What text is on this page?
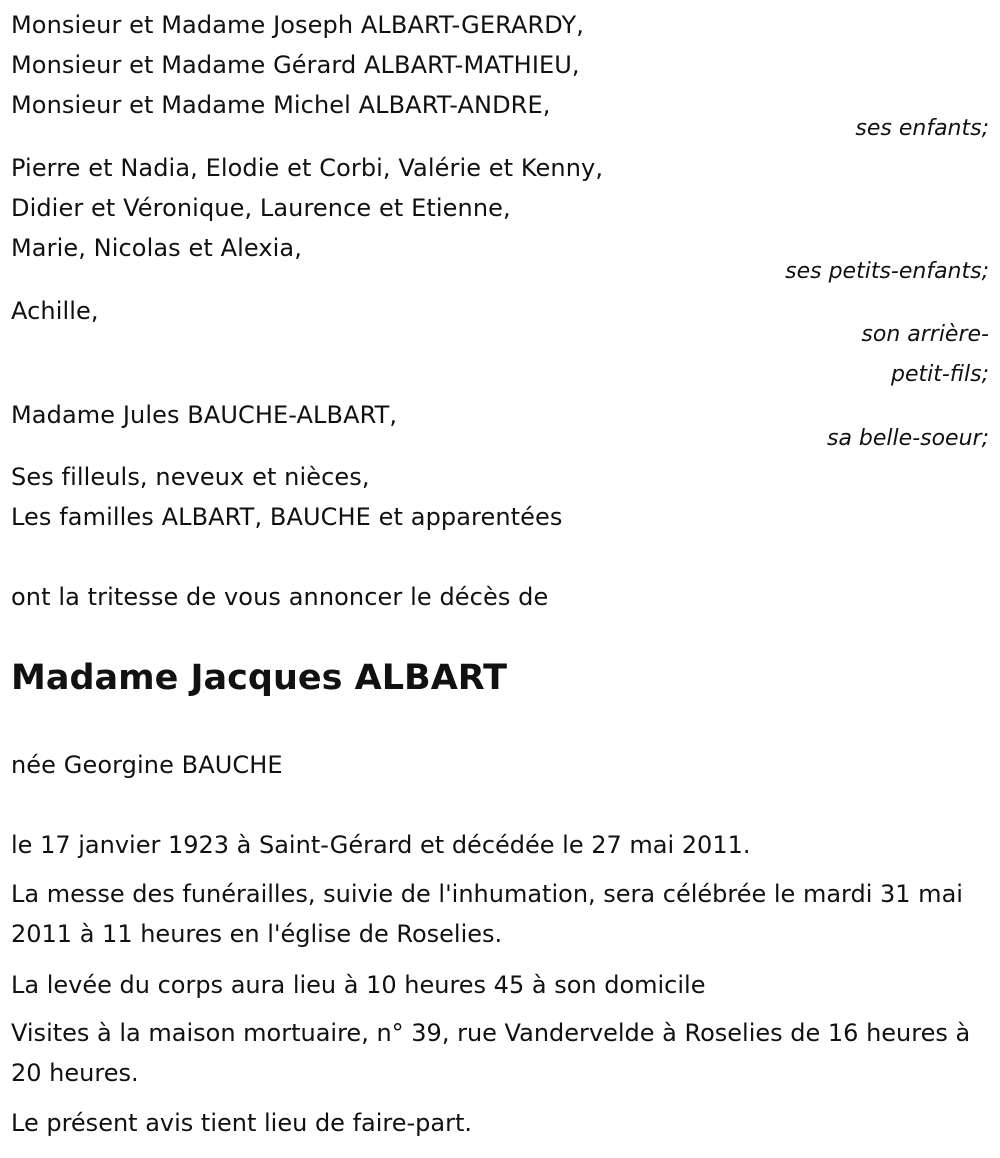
Monsieur et Madame Joseph ALBART-GERARDY,
Monsieur et Madame Gérard ALBART-MATHIEU,
Monsieur et Madame Michel ALBART-ANDRE,
ses enfants;
Pierre et Nadia, Elodie et Corbi, Valérie et Kenny,
Didier et Véronique, Laurence et Etienne,
Marie, Nicolas et Alexia,
ses petits-enfants;
Achille,
son arrière-
petit-fils;
Madame Jules BAUCHE-ALBART,
sa belle-soeur;
Ses filleuls, neveux et nièces,
Les familles ALBART, BAUCHE et apparentées
ont la tritesse de vous annoncer le décès de
Madame Jacques ALBART
née Georgine BAUCHE
le 17 janvier 1923 à Saint-Gérard et décédée le 27 mai 2011.
La messe des funérailles, suivie de l'inhumation, sera célébrée le mardi 31 mai 2011 à 11 heures en l'église de Roselies.
La levée du corps aura lieu à 10 heures 45 à son domicile
Visites à la maison mortuaire, n° 39, rue Vandervelde à Roselies de 16 heures à 20 heures.
Le présent avis tient lieu de faire-part.
